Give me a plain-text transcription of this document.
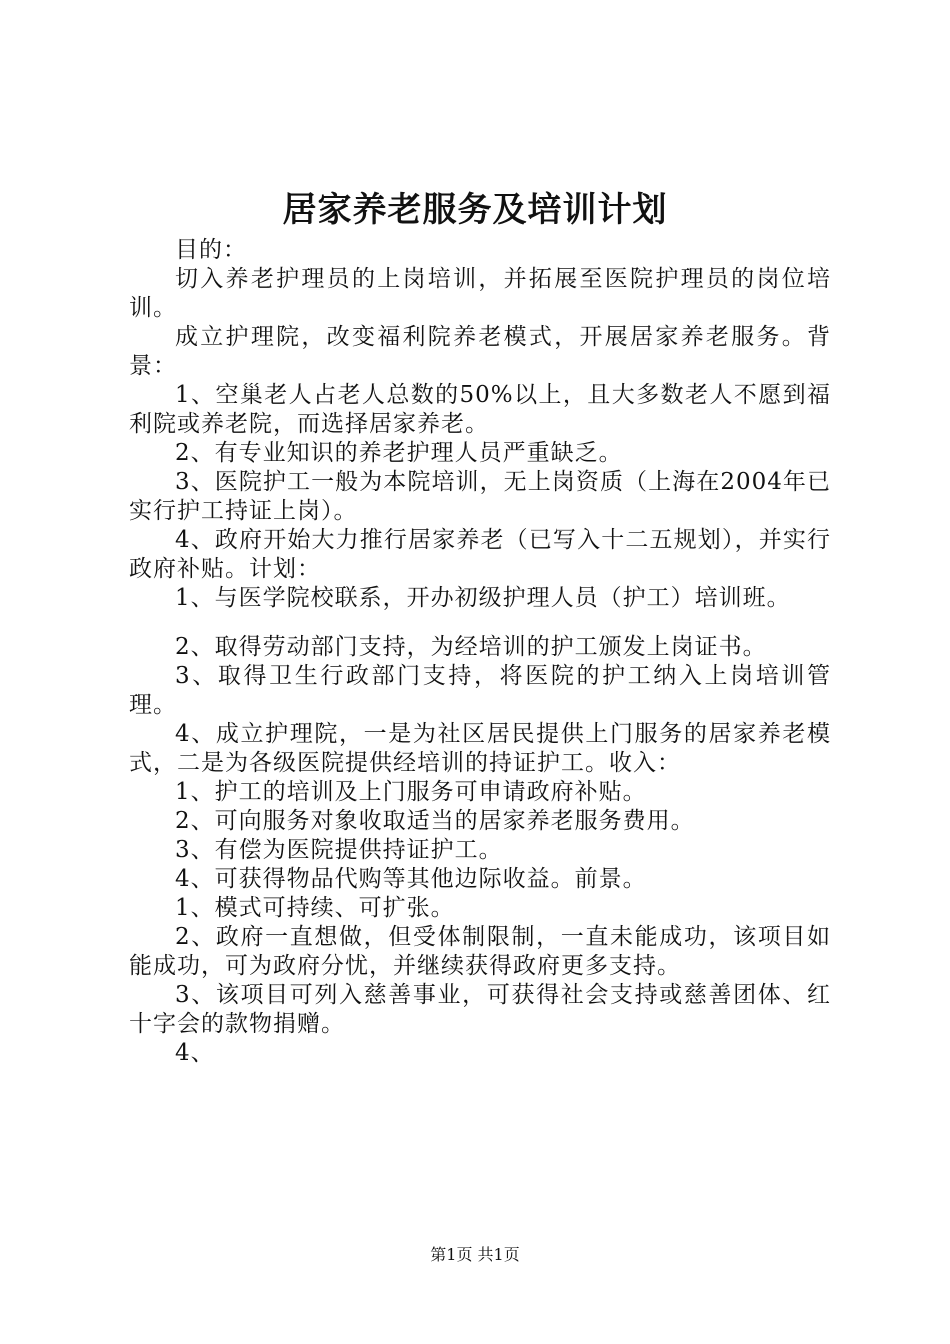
居家养老服务及培训计划

目的：

切入养老护理员的上岗培训，并拓展至医院护理员的岗位培训。

成立护理院，改变福利院养老模式，开展居家养老服务。背景：

1、空巢老人占老人总数的50%以上，且大多数老人不愿到福利院或养老院，而选择居家养老。

2、有专业知识的养老护理人员严重缺乏。

3、医院护工一般为本院培训，无上岗资质（上海在2004年已实行护工持证上岗）。

4、政府开始大力推行居家养老（已写入十二五规划），并实行政府补贴。计划：

1、与医学院校联系，开办初级护理人员（护工）培训班。

2、取得劳动部门支持，为经培训的护工颁发上岗证书。

3、取得卫生行政部门支持，将医院的护工纳入上岗培训管理。

4、成立护理院，一是为社区居民提供上门服务的居家养老模式，二是为各级医院提供经培训的持证护工。收入：

1、护工的培训及上门服务可申请政府补贴。

2、可向服务对象收取适当的居家养老服务费用。

3、有偿为医院提供持证护工。

4、可获得物品代购等其他边际收益。前景。

1、模式可持续、可扩张。

2、政府一直想做，但受体制限制，一直未能成功，该项目如能成功，可为政府分忧，并继续获得政府更多支持。

3、该项目可列入慈善事业，可获得社会支持或慈善团体、红十字会的款物捐赠。

4、

第1页 共1页
